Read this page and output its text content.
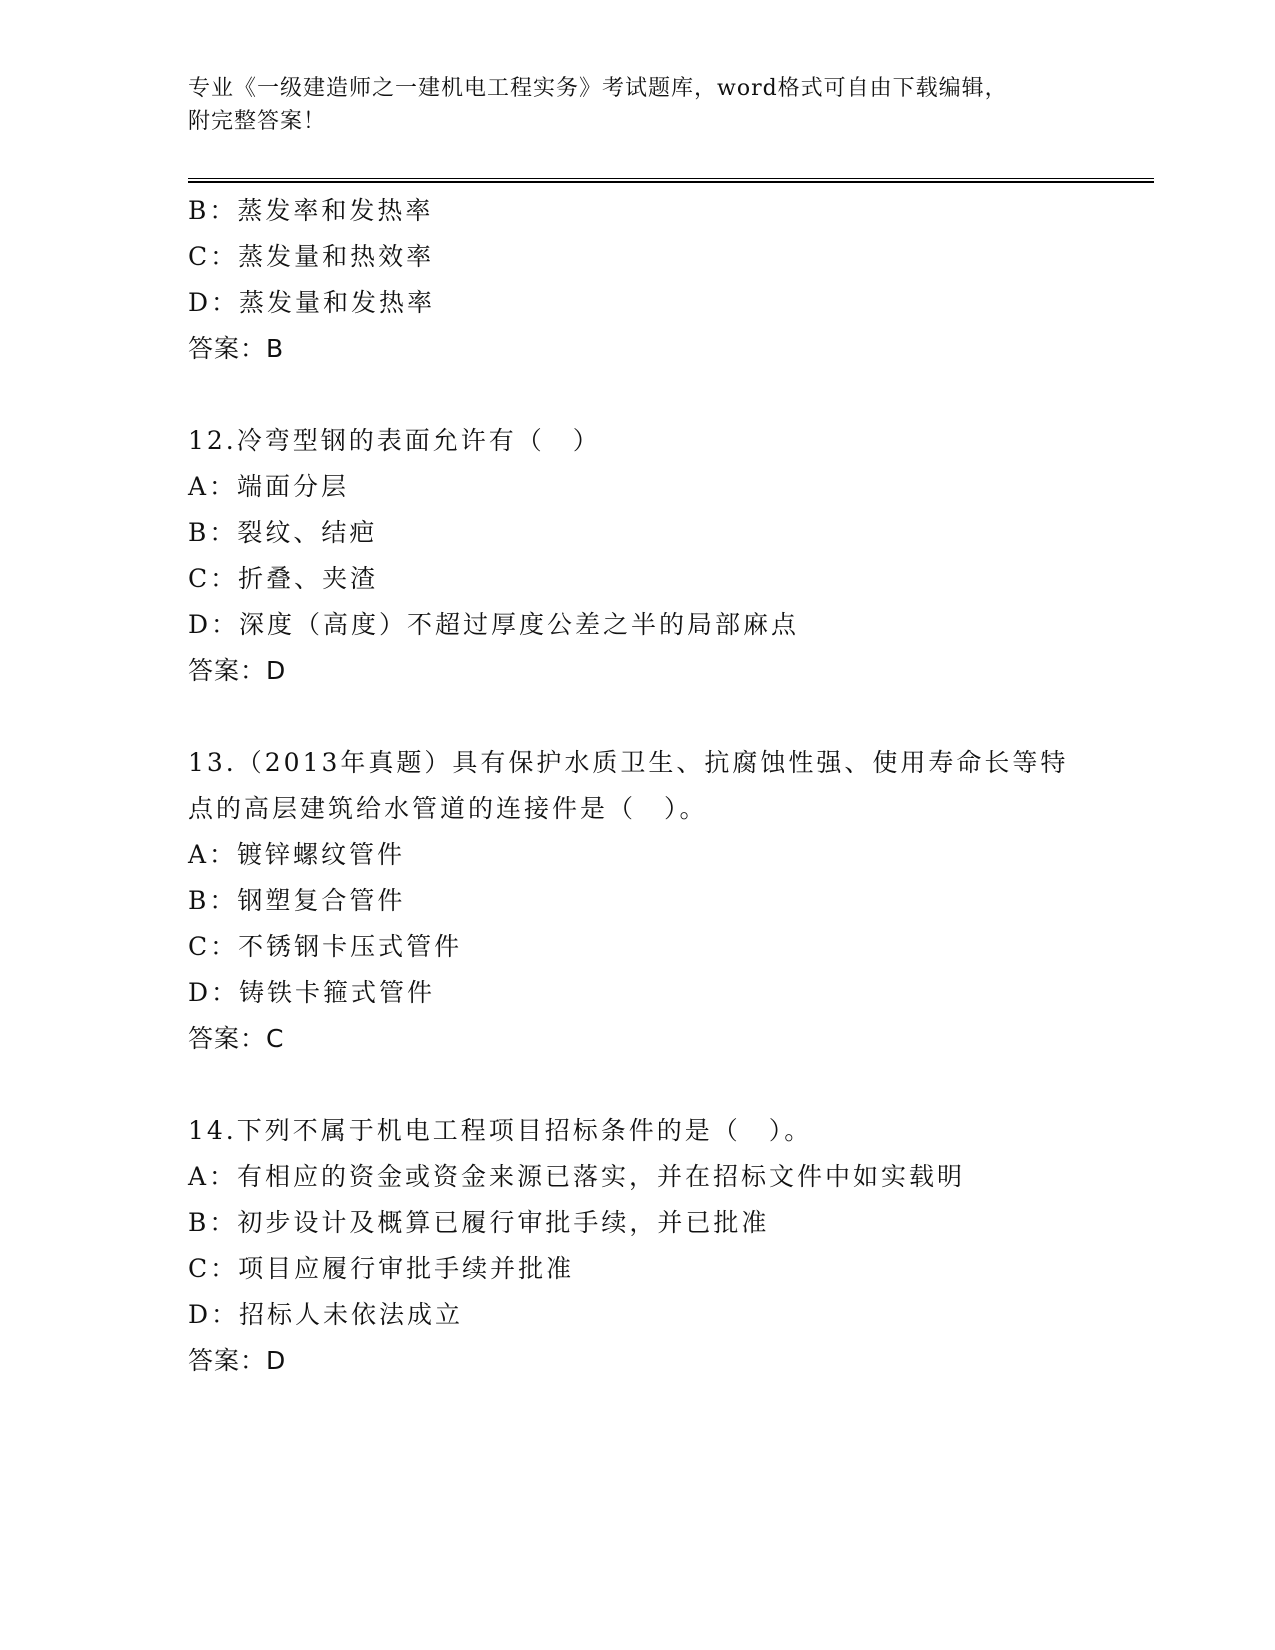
专业《一级建造师之一建机电工程实务》考试题库，word格式可自由下载编辑，
附完整答案！
B：蒸发率和发热率
C：蒸发量和热效率
D：蒸发量和发热率
答案：B
12.冷弯型钢的表面允许有（　）
A：端面分层
B：裂纹、结疤
C：折叠、夹渣
D：深度（高度）不超过厚度公差之半的局部麻点
答案：D
13.（2013年真题）具有保护水质卫生、抗腐蚀性强、使用寿命长等特
点的高层建筑给水管道的连接件是（　）。
A：镀锌螺纹管件
B：钢塑复合管件
C：不锈钢卡压式管件
D：铸铁卡箍式管件
答案：C
14.下列不属于机电工程项目招标条件的是（　）。
A：有相应的资金或资金来源已落实，并在招标文件中如实载明
B：初步设计及概算已履行审批手续，并已批准
C：项目应履行审批手续并批准
D：招标人未依法成立
答案：D
